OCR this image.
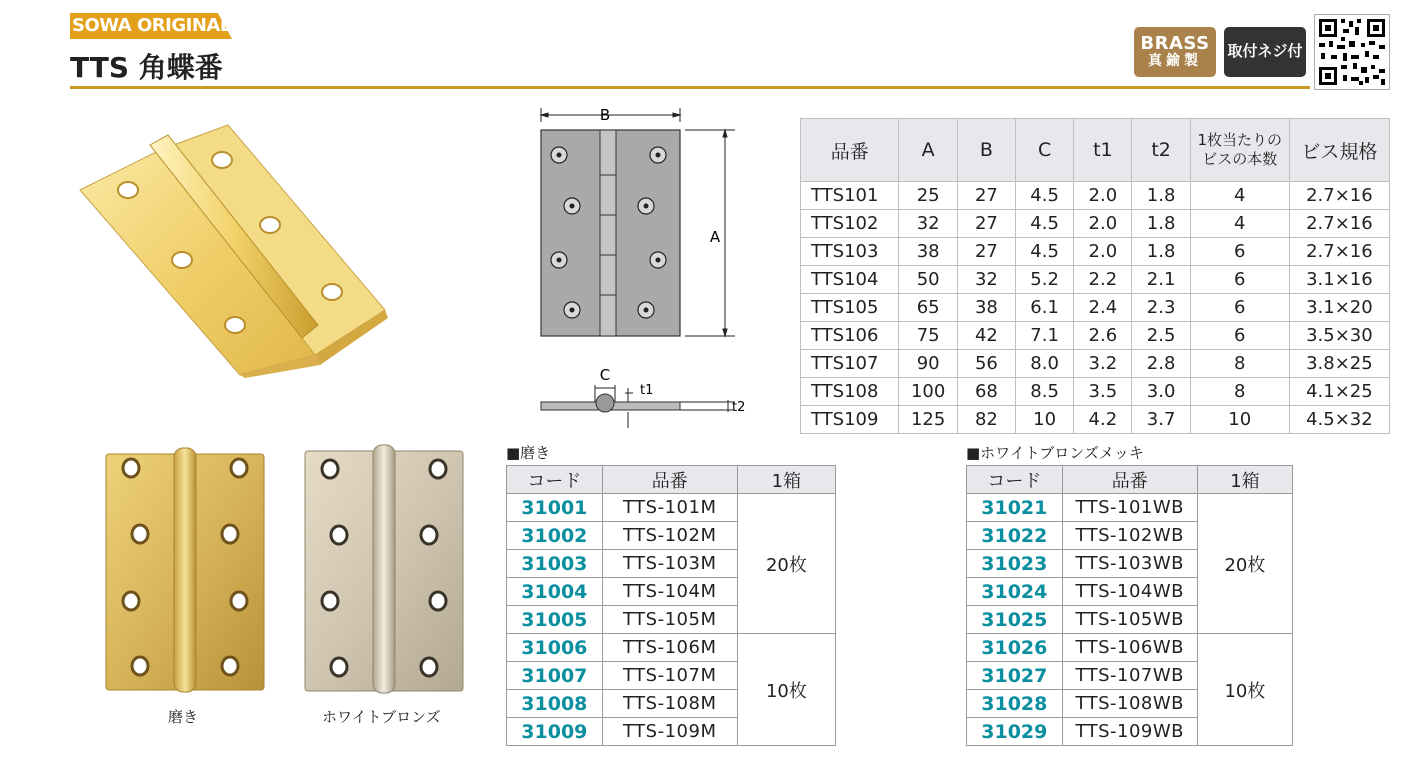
SOWA ORIGINAL
TTS 角蝶番
BRASS
真鍮製
取付ネジ付
B
A
C
t1
t2
品番	A	B	C	t1	t2	1枚当たりの
ビスの本数	ビス規格
TTS101	25	27	4.5	2.0	1.8	4	2.7×16
TTS102	32	27	4.5	2.0	1.8	4	2.7×16
TTS103	38	27	4.5	2.0	1.8	6	2.7×16
TTS104	50	32	5.2	2.2	2.1	6	3.1×16
TTS105	65	38	6.1	2.4	2.3	6	3.1×20
TTS106	75	42	7.1	2.6	2.5	6	3.5×30
TTS107	90	56	8.0	3.2	2.8	8	3.8×25
TTS108	100	68	8.5	3.5	3.0	8	4.1×25
TTS109	125	82	10	4.2	3.7	10	4.5×32
磨き	ホワイトブロンズ
■磨き
コード	品番	1箱
31001	TTS-101M	20枚
31002	TTS-102M	
31003	TTS-103M	
31004	TTS-104M	
31005	TTS-105M	
31006	TTS-106M	10枚
31007	TTS-107M	
31008	TTS-108M	
31009	TTS-109M	
■ホワイトブロンズメッキ
コード	品番	1箱
31021	TTS-101WB	20枚
31022	TTS-102WB	
31023	TTS-103WB	
31024	TTS-104WB	
31025	TTS-105WB	
31026	TTS-106WB	10枚
31027	TTS-107WB	
31028	TTS-108WB	
31029	TTS-109WB	
